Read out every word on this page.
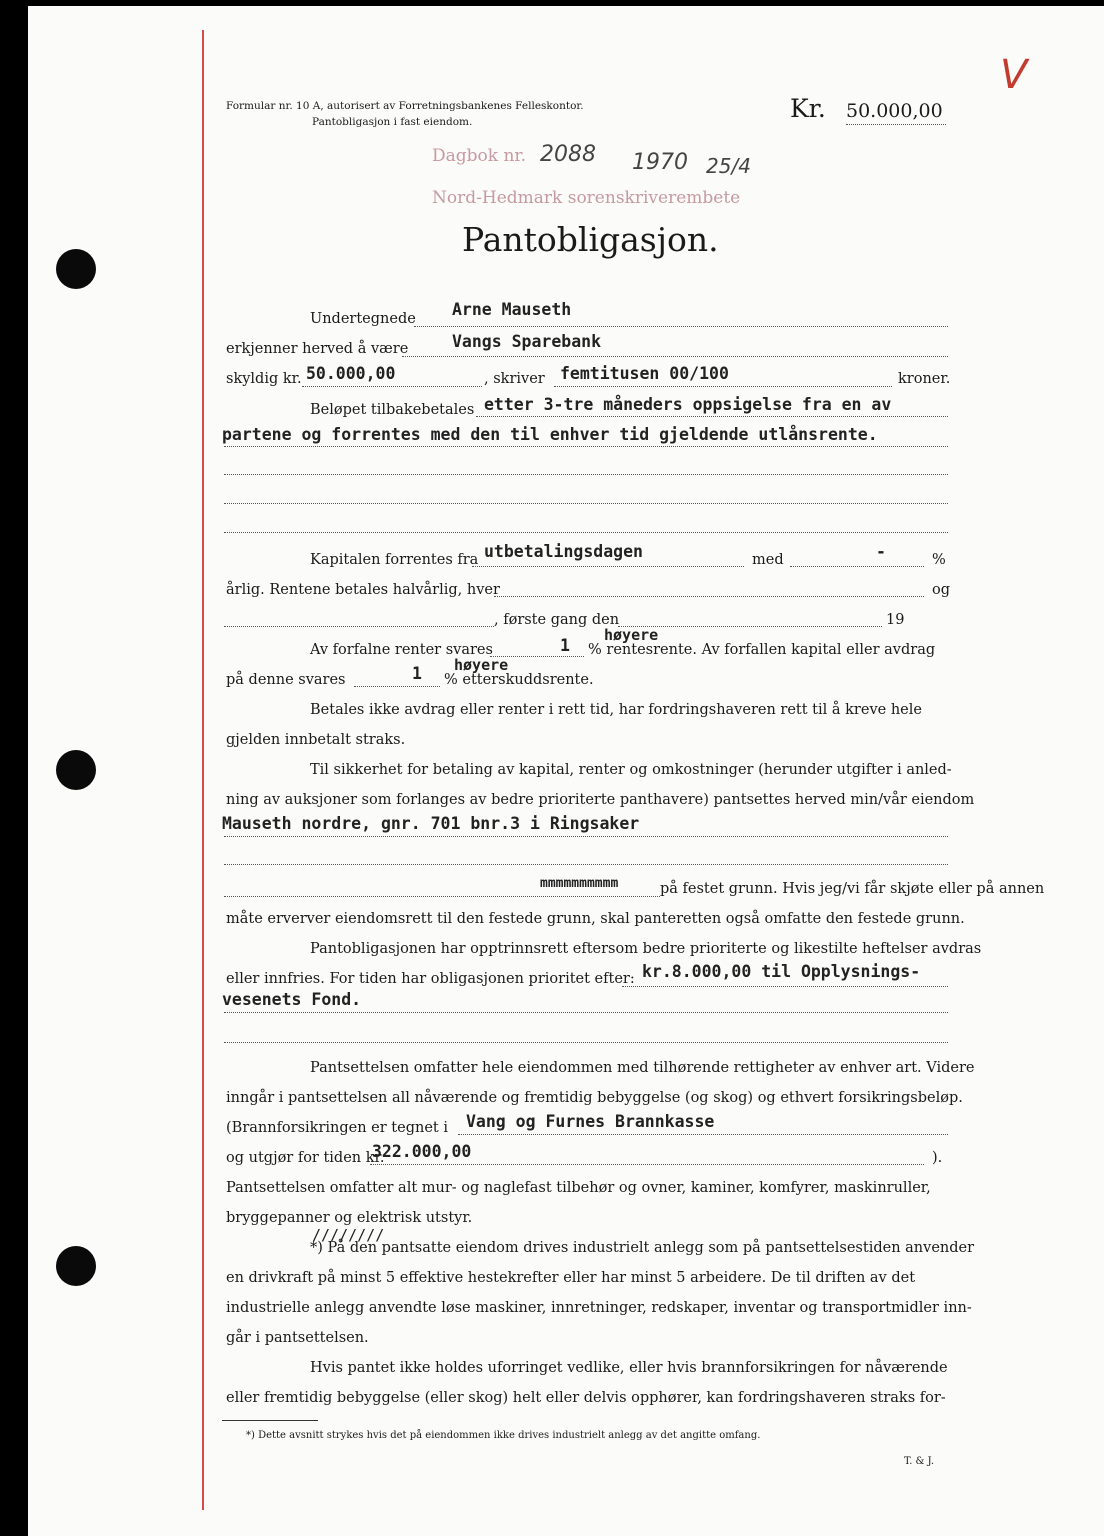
Formular nr. 10 A, autorisert av Forretningsbankenes Felleskontor.
Pantobligasjon i fast eiendom.	Kr. 50.000,00
V
Dagbok nr. 2088 1970 25/4
Nord-Hedmark sorenskriverembete
Pantobligasjon.
Undertegnede Arne Mauseth
erkjenner herved å være	Vangs Sparebank
skyldig kr. 50.000,00	, skriver femtitusen 00/100	kroner.
Beløpet tilbakebetales etter 3-tre måneders oppsigelse fra en av
partene og forrentes med den til enhver tid gjeldende utlånsrente.
Kapitalen forrentes fra utbetalingsdagen	med	-	%
årlig. Rentene betales halvårlig, hver	og
, første gang den	19
Av forfalne renter svares	1
høyere
% rentesrente. Av forfallen kapital eller avdrag
på denne svares	1 høyere
% etterskuddsrente.
Betales ikke avdrag eller renter i rett tid, har fordringshaveren rett til å kreve hele
gjelden innbetalt straks.
Til sikkerhet for betaling av kapital, renter og omkostninger (herunder utgifter i anled-
ning av auksjoner som forlanges av bedre prioriterte panthavere) pantsettes herved min/vår eiendom
Mauseth nordre, gnr. 701 bnr.3 i Ringsaker
mmmmmmmmmm	på festet grunn. Hvis jeg/vi får skjøte eller på annen
måte erverver eiendomsrett til den festede grunn, skal panteretten også omfatte den festede grunn.
Pantobligasjonen har opptrinnsrett eftersom bedre prioriterte og likestilte heftelser avdras
eller innfries. For tiden har obligasjonen prioritet efter: kr.8.000,00 til Opplysnings-
vesenets Fond.
Pantsettelsen omfatter hele eiendommen med tilhørende rettigheter av enhver art. Videre
inngår i pantsettelsen all nåværende og fremtidig bebyggelse (og skog) og ethvert forsikringsbeløp.
(Brannforsikringen er tegnet i Vang og Furnes Brannkasse
og utgjør for tiden kr.
322.000,00	).
Pantsettelsen omfatter alt mur- og naglefast tilbehør og ovner, kaminer, komfyrer, maskinruller,
bryggepanner og elektrisk utstyr.
*) På den pantsatte eiendom drives industrielt anlegg som på pantsettelsestiden anvender
////////
en drivkraft på minst 5 effektive hestekrefter eller har minst 5 arbeidere. De til driften av det
industrielle anlegg anvendte løse maskiner, innretninger, redskaper, inventar og transportmidler inn-
går i pantsettelsen.
Hvis pantet ikke holdes uforringet vedlike, eller hvis brannforsikringen for nåværende
eller fremtidig bebyggelse (eller skog) helt eller delvis opphører, kan fordringshaveren straks for-
*) Dette avsnitt strykes hvis det på eiendommen ikke drives industrielt anlegg av det angitte omfang.
T. & J.
